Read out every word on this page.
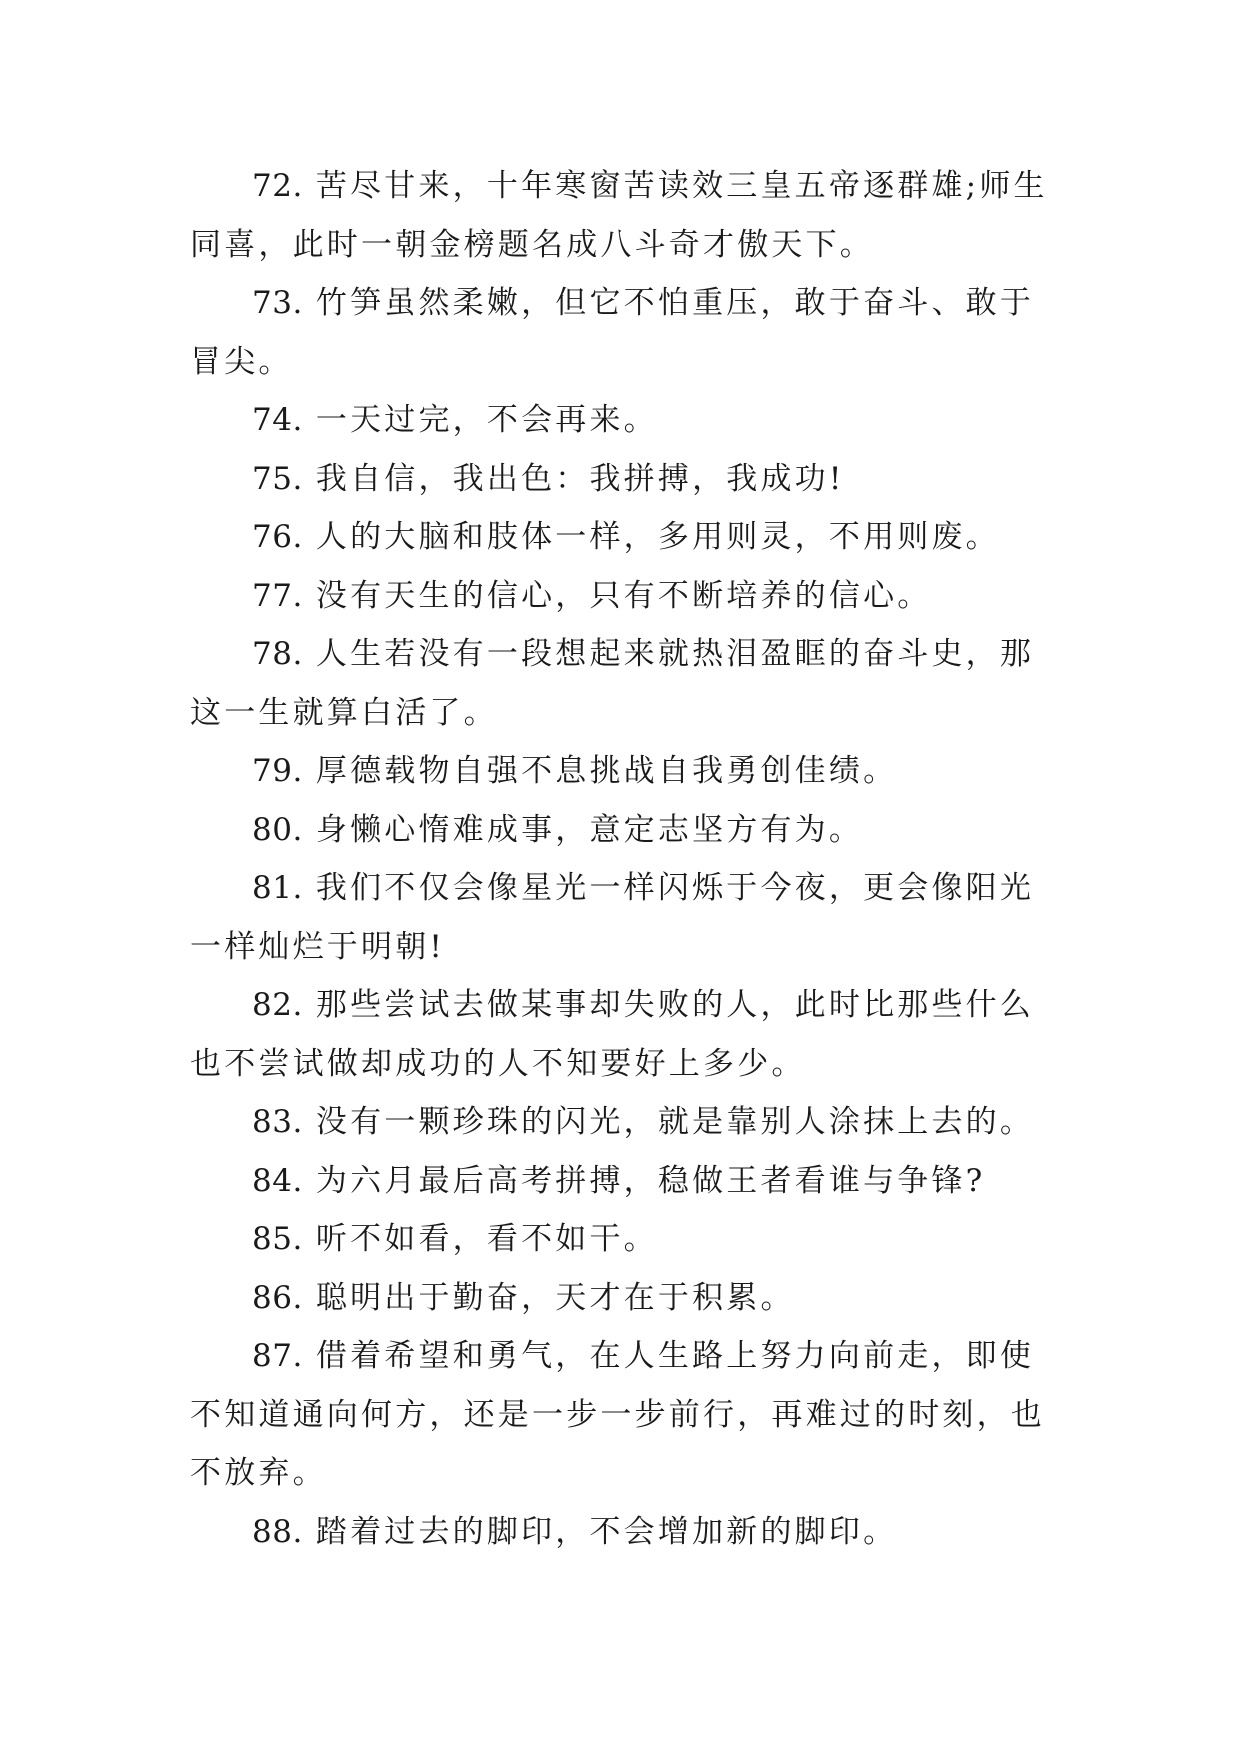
72. 苦尽甘来，十年寒窗苦读效三皇五帝逐群雄;师生同喜，此时一朝金榜题名成八斗奇才傲天下。

73. 竹笋虽然柔嫩，但它不怕重压，敢于奋斗、敢于冒尖。

74. 一天过完，不会再来。

75. 我自信，我出色：我拼搏，我成功!

76. 人的大脑和肢体一样，多用则灵，不用则废。

77. 没有天生的信心，只有不断培养的信心。

78. 人生若没有一段想起来就热泪盈眶的奋斗史，那这一生就算白活了。

79. 厚德载物自强不息挑战自我勇创佳绩。

80. 身懒心惰难成事，意定志坚方有为。

81. 我们不仅会像星光一样闪烁于今夜，更会像阳光一样灿烂于明朝!

82. 那些尝试去做某事却失败的人，此时比那些什么也不尝试做却成功的人不知要好上多少。

83. 没有一颗珍珠的闪光，就是靠别人涂抹上去的。

84. 为六月最后高考拼搏，稳做王者看谁与争锋?

85. 听不如看，看不如干。

86. 聪明出于勤奋，天才在于积累。

87. 借着希望和勇气，在人生路上努力向前走，即使不知道通向何方，还是一步一步前行，再难过的时刻，也不放弃。

88. 踏着过去的脚印，不会增加新的脚印。
